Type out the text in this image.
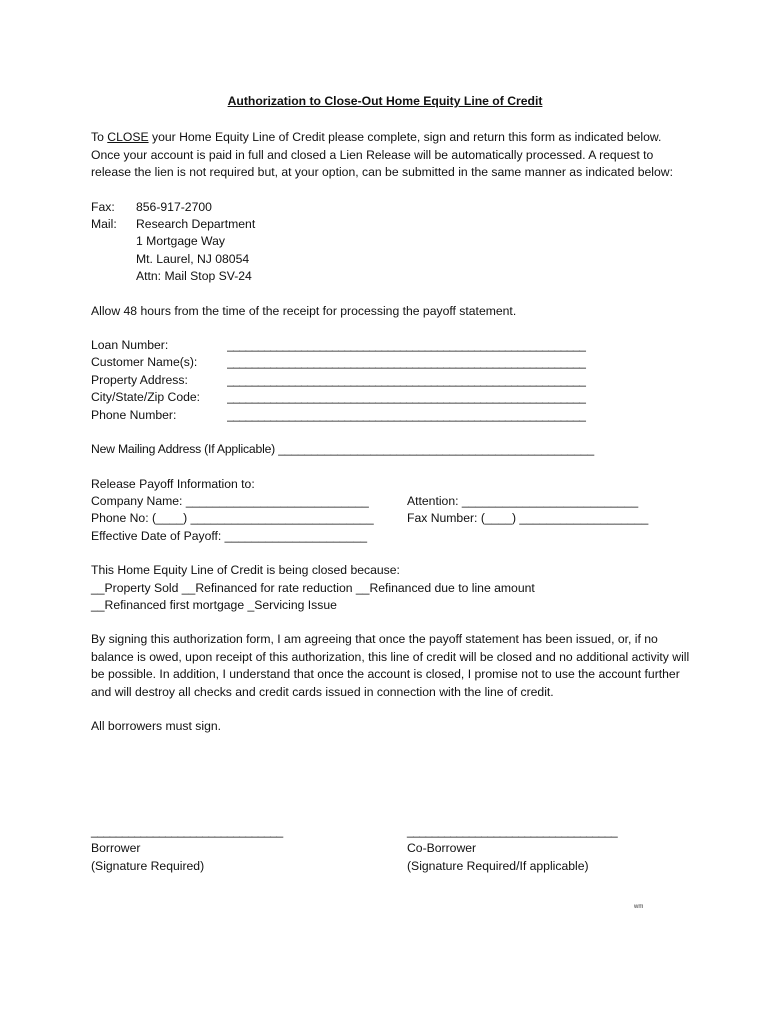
Authorization to Close-Out Home Equity Line of Credit

To CLOSE your Home Equity Line of Credit please complete, sign and return this form as indicated below. Once your account is paid in full and closed a Lien Release will be automatically processed. A request to release the lien is not required but, at your option, can be submitted in the same manner as indicated below:

Fax:	856-917-2700
Mail:	Research Department
1 Mortgage Way
Mt. Laurel, NJ 08054
Attn: Mail Stop SV-24

Allow 48 hours from the time of the receipt for processing the payoff statement.

Loan Number:	__________________________________________________________
Customer Name(s):	__________________________________________________________
Property Address:	__________________________________________________________
City/State/Zip Code:	__________________________________________________________
Phone Number:	__________________________________________________________
New Mailing Address (If Applicable) ________________________________________________
Release Payoff Information to:
Company Name: ___________________________	Attention: __________________________
Phone No: (____) ___________________________	Fax Number: (____) ___________________
Effective Date of Payoff: _____________________
This Home Equity Line of Credit is being closed because:
__Property Sold __Refinanced for rate reduction __Refinanced due to line amount
__Refinanced first mortgage _Servicing Issue

By signing this authorization form, I am agreeing that once the payoff statement has been issued, or, if no balance is owed, upon receipt of this authorization, this line of credit will be closed and no additional activity will be possible. In addition, I understand that once the account is closed, I promise not to use the account further and will destroy all checks and credit cards issued in connection with the line of credit.

All borrowers must sign.

_______________________________	__________________________________
Borrower	Co-Borrower
(Signature Required)	(Signature Required/If applicable)
wm
